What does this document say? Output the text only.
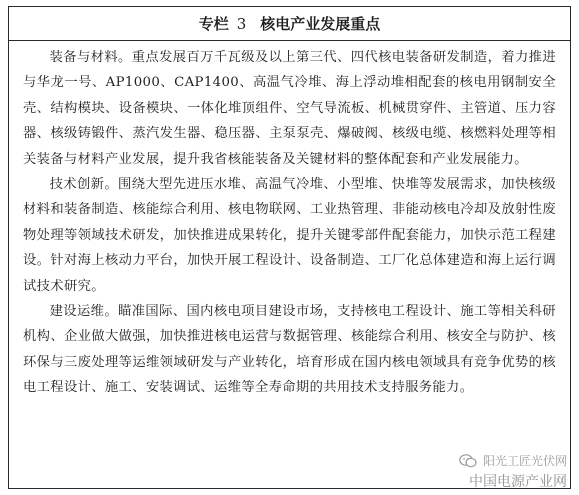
专栏 3 核电产业发展重点

装备与材料。重点发展百万千瓦级及以上第三代、四代核电装备研发制造，着力推进与华龙一号、AP1000、CAP1400、高温气冷堆、海上浮动堆相配套的核电用钢制安全壳、结构模块、设备模块、一体化堆顶组件、空气导流板、机械贯穿件、主管道、压力容器、核级铸锻件、蒸汽发生器、稳压器、主泵泵壳、爆破阀、核级电缆、核燃料处理等相关装备与材料产业发展，提升我省核能装备及关键材料的整体配套和产业发展能力。

技术创新。围绕大型先进压水堆、高温气冷堆、小型堆、快堆等发展需求，加快核级材料和装备制造、核能综合利用、核电物联网、工业热管理、非能动核电冷却及放射性废物处理等领域技术研发，加快推进成果转化，提升关键零部件配套能力，加快示范工程建设。针对海上核动力平台，加快开展工程设计、设备制造、工厂化总体建造和海上运行调试技术研究。

建设运维。瞄准国际、国内核电项目建设市场，支持核电工程设计、施工等相关科研机构、企业做大做强，加快推进核电运营与数据管理、核能综合利用、核安全与防护、核环保与三废处理等运维领域研发与产业转化，培育形成在国内核电领域具有竞争优势的核电工程设计、施工、安装调试、运维等全寿命期的共用技术支持服务能力。

阳光工匠光伏网
中国电源产业网
